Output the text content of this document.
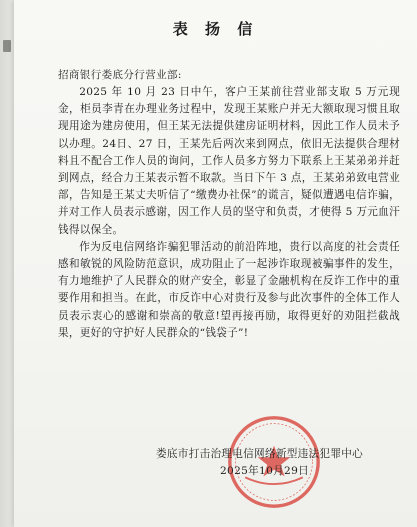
表 扬 信
招商银行娄底分行营业部:

2025 年 10 月 23 日中午，客户王某前往营业部支取 5 万元现金，柜员李青在办理业务过程中，发现王某账户并无大额取现习惯且取现用途为建房使用，但王某无法提供建房证明材料，因此工作人员未予以办理。24日、27 日，王某先后两次来到网点，依旧无法提供合理材料且不配合工作人员的询问，工作人员多方努力下联系上王某弟弟并赶到网点，经合力王某表示暂不取款。当日下午 3 点，王某弟弟致电营业部，告知是王某丈夫听信了“缴费办社保”的谎言，疑似遭遇电信诈骗，并对工作人员表示感谢，因工作人员的坚守和负责，才使得 5 万元血汗钱得以保全。

作为反电信网络诈骗犯罪活动的前沿阵地，贵行以高度的社会责任感和敏锐的风险防范意识，成功阻止了一起涉诈取现被骗事件的发生，有力地维护了人民群众的财产安全，彰显了金融机构在反诈工作中的重要作用和担当。在此，市反诈中心对贵行及参与此次事件的全体工作人员表示衷心的感谢和崇高的敬意!望再接再励，取得更好的劝阻拦截战果，更好的守护好人民群众的“钱袋子”!

娄底市打击治理电信网络新型违法犯罪中心
2025年10月29日
